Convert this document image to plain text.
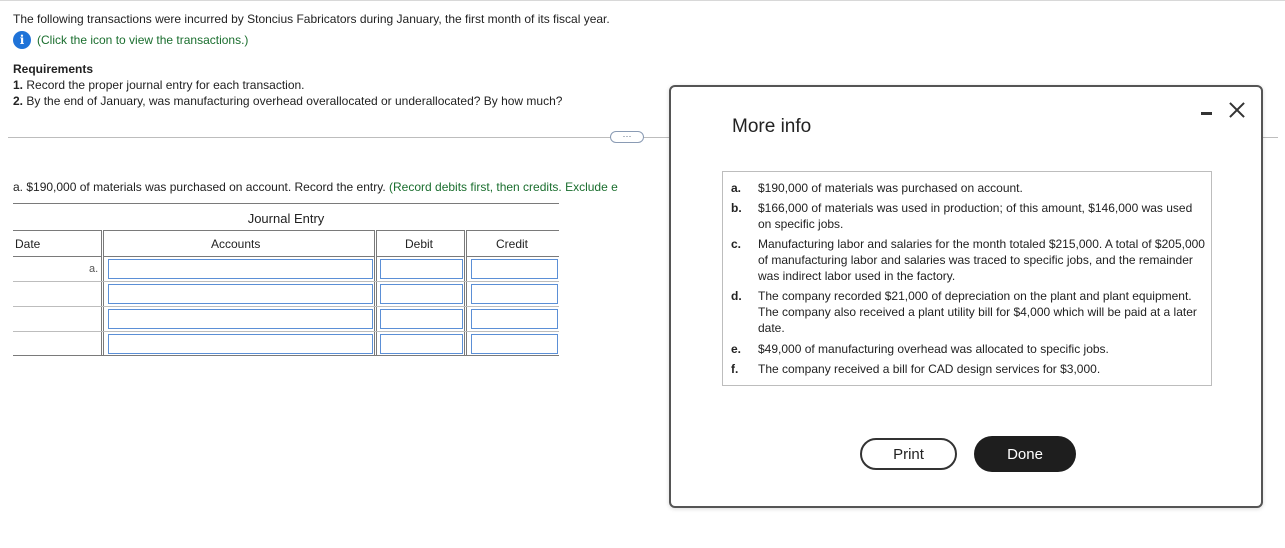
The following transactions were incurred by Stoncius Fabricators during January, the first month of its fiscal year.
i	(Click the icon to view the transactions.)
Requirements
1. Record the proper journal entry for each transaction.
2. By the end of January, was manufacturing overhead overallocated or underallocated? By how much?
···
a. $190,000 of materials was purchased on account. Record the entry. (Record debits first, then credits. Exclude e
Journal Entry
Date	Accounts	Debit	Credit
a.
More info
a.	$190,000 of materials was purchased on account.
b.	$166,000 of materials was used in production; of this amount, $146,000 was used on specific jobs.
c.	Manufacturing labor and salaries for the month totaled $215,000. A total of $205,000 of manufacturing labor and salaries was traced to specific jobs, and the remainder was indirect labor used in the factory.
d.	The company recorded $21,000 of depreciation on the plant and plant equipment. The company also received a plant utility bill for $4,000 which will be paid at a later date.
e.	$49,000 of manufacturing overhead was allocated to specific jobs.
f.	The company received a bill for CAD design services for $3,000.
Print	Done
